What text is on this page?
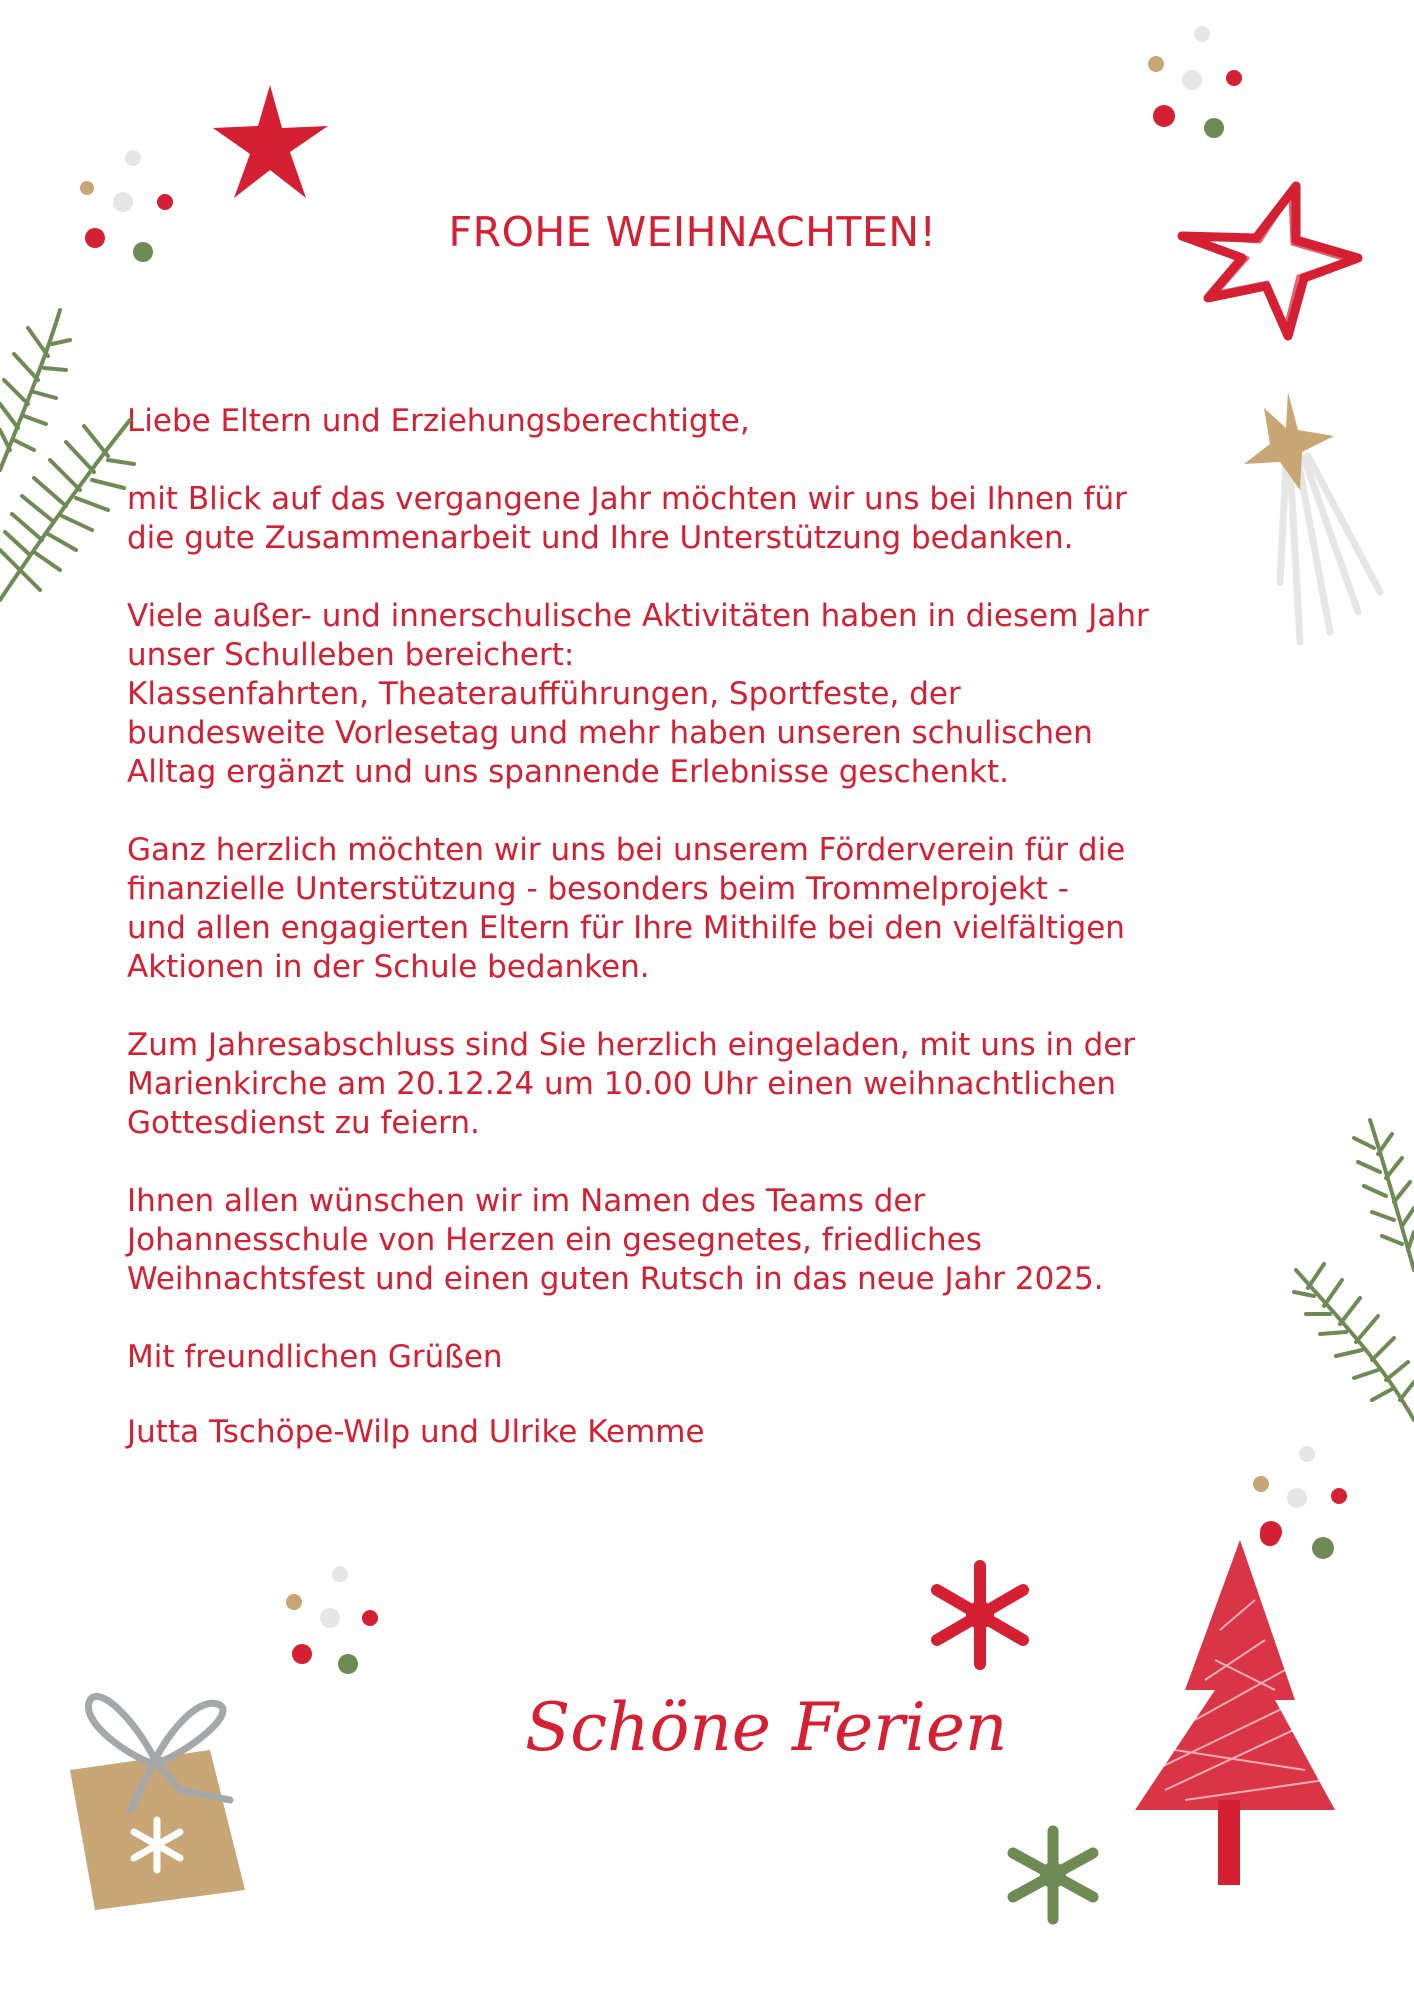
FROHE WEIHNACHTEN!

Liebe Eltern und Erziehungsberechtigte,

mit Blick auf das vergangene Jahr möchten wir uns bei Ihnen für
die gute Zusammenarbeit und Ihre Unterstützung bedanken.

Viele außer- und innerschulische Aktivitäten haben in diesem Jahr
unser Schulleben bereichert:
Klassenfahrten, Theateraufführungen, Sportfeste, der
bundesweite Vorlesetag und mehr haben unseren schulischen
Alltag ergänzt und uns spannende Erlebnisse geschenkt.

Ganz herzlich möchten wir uns bei unserem Förderverein für die
finanzielle Unterstützung - besonders beim Trommelprojekt -
und allen engagierten Eltern für Ihre Mithilfe bei den vielfältigen
Aktionen in der Schule bedanken.

Zum Jahresabschluss sind Sie herzlich eingeladen, mit uns in der
Marienkirche am 20.12.24 um 10.00 Uhr einen weihnachtlichen
Gottesdienst zu feiern.

Ihnen allen wünschen wir im Namen des Teams der
Johannesschule von Herzen ein gesegnetes, friedliches
Weihnachtsfest und einen guten Rutsch in das neue Jahr 2025.

Mit freundlichen Grüßen

Jutta Tschöpe-Wilp und Ulrike Kemme

Schöne Ferien
